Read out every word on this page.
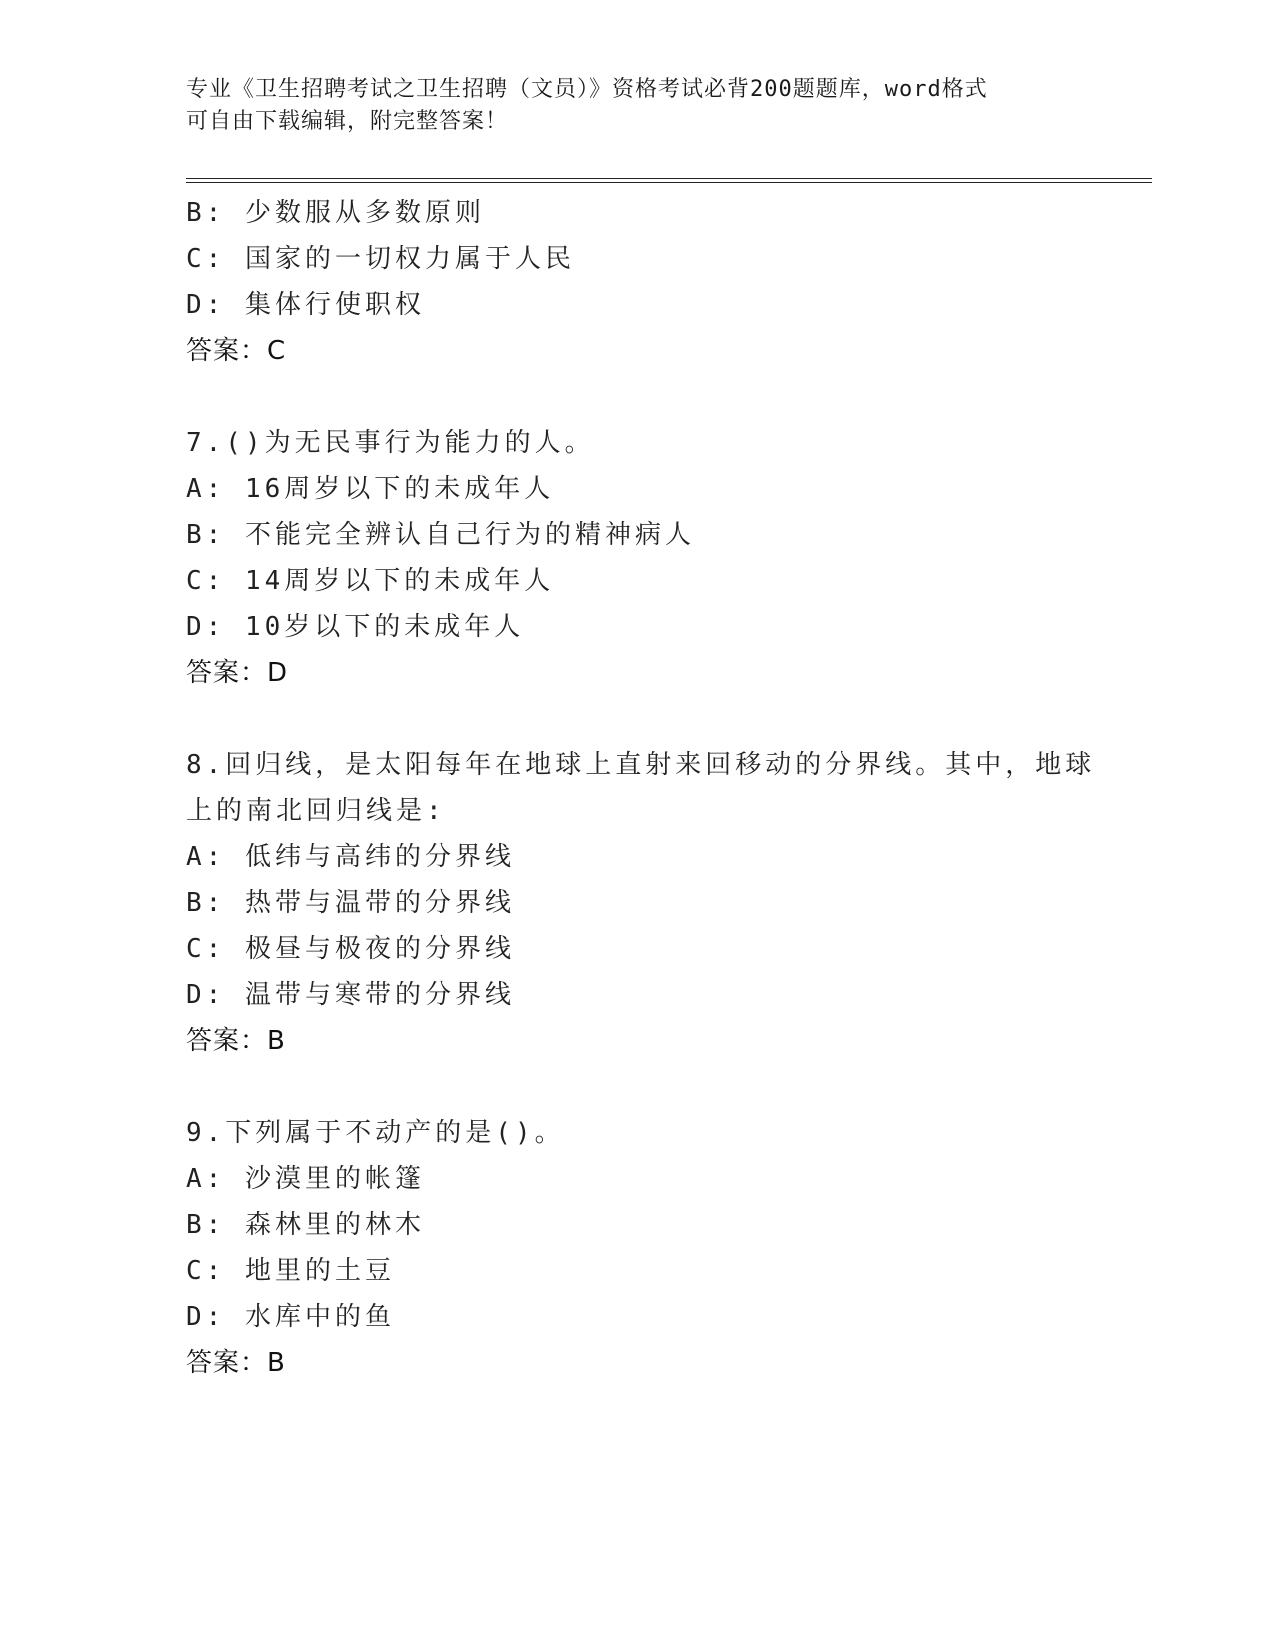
专业《卫生招聘考试之卫生招聘（文员）》资格考试必背200题题库，word格式
可自由下载编辑，附完整答案！
B: 少数服从多数原则
C: 国家的一切权力属于人民
D: 集体行使职权
答案：C
7.()为无民事行为能力的人。
A: 16周岁以下的未成年人
B: 不能完全辨认自己行为的精神病人
C: 14周岁以下的未成年人
D: 10岁以下的未成年人
答案：D
8.回归线，是太阳每年在地球上直射来回移动的分界线。其中，地球
上的南北回归线是:
A: 低纬与高纬的分界线
B: 热带与温带的分界线
C: 极昼与极夜的分界线
D: 温带与寒带的分界线
答案：B
9.下列属于不动产的是()。
A: 沙漠里的帐篷
B: 森林里的林木
C: 地里的土豆
D: 水库中的鱼
答案：B
